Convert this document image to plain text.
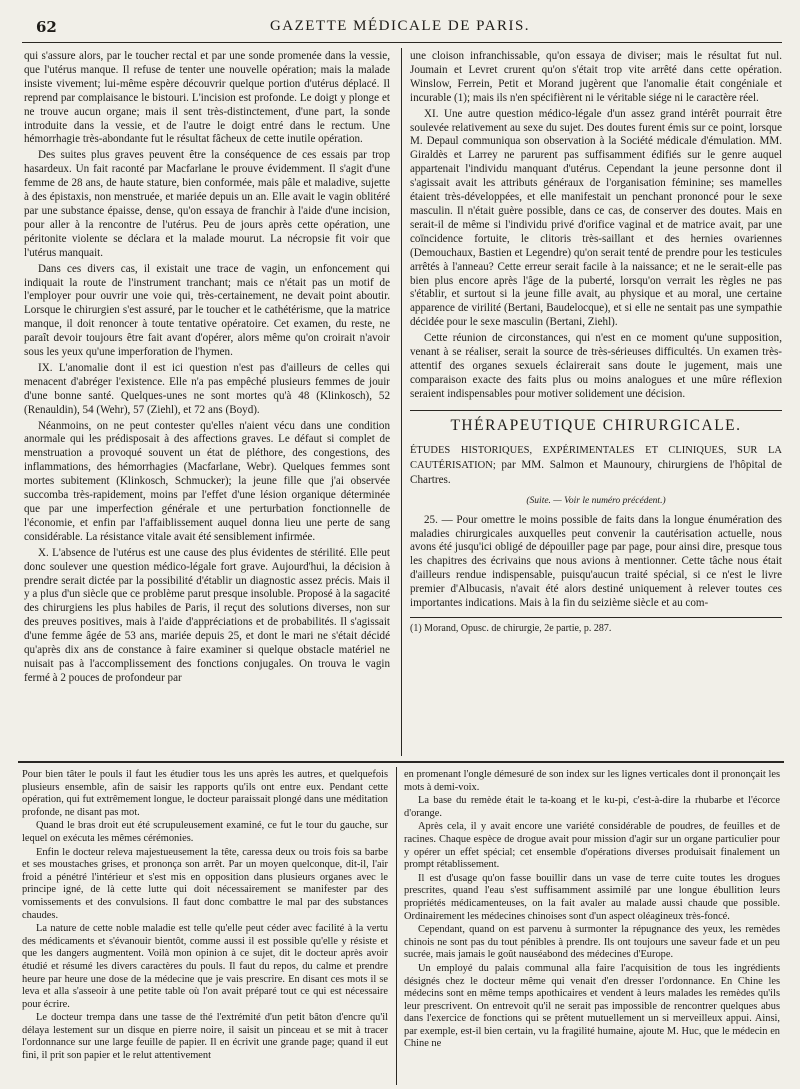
62	GAZETTE MÉDICALE DE PARIS.

qui s'assure alors, par le toucher rectal et par une sonde promenée dans la vessie, que l'utérus manque. Il refuse de tenter une nouvelle opération; mais la malade insiste vivement; lui-même espère découvrir quelque portion d'utérus déplacé. Il reprend par complaisance le bistouri. L'incision est profonde. Le doigt y plonge et ne trouve aucun organe; mais il sent très-distinctement, d'une part, la sonde introduite dans la vessie, et de l'autre le doigt entré dans le rectum. Une hémorrhagie très-abondante fut le résultat fâcheux de cette inutile opération.

Des suites plus graves peuvent être la conséquence de ces essais par trop hasardeux. Un fait raconté par Macfarlane le prouve évidemment. Il s'agit d'une femme de 28 ans, de haute stature, bien conformée, mais pâle et maladive, sujette à des épistaxis, non menstruée, et mariée depuis un an. Elle avait le vagin oblitéré par une substance épaisse, dense, qu'on essaya de franchir à l'aide d'une incision, pour aller à la rencontre de l'utérus. Peu de jours après cette opération, une péritonite violente se déclara et la malade mourut. La nécropsie fit voir que l'utérus manquait.

Dans ces divers cas, il existait une trace de vagin, un enfoncement qui indiquait la route de l'instrument tranchant; mais ce n'était pas un motif de l'employer pour ouvrir une voie qui, très-certainement, ne devait point aboutir. Lorsque le chirurgien s'est assuré, par le toucher et le cathétérisme, que la matrice manque, il doit renoncer à toute tentative opératoire. Cet examen, du reste, ne paraît devoir toujours être fait avant d'opérer, alors même qu'on croirait n'avoir sous les yeux qu'une imperforation de l'hymen.

IX. L'anomalie dont il est ici question n'est pas d'ailleurs de celles qui menacent d'abréger l'existence. Elle n'a pas empêché plusieurs femmes de jouir d'une bonne santé. Quelques-unes ne sont mortes qu'à 48 (Klinkosch), 52 (Renauldin), 54 (Wehr), 57 (Ziehl), et 72 ans (Boyd).

Néanmoins, on ne peut contester qu'elles n'aient vécu dans une condition anormale qui les prédisposait à des affections graves. Le défaut si complet de menstruation a provoqué souvent un état de pléthore, des congestions, des inflammations, des hémorrhagies (Macfarlane, Webr). Quelques femmes sont mortes subitement (Klinkosch, Schmucker); la jeune fille que j'ai observée succomba très-rapidement, moins par l'effet d'une lésion organique déterminée que par une imperfection générale et une perturbation fonctionnelle de l'économie, et enfin par l'affaiblissement auquel donna lieu une perte de sang considérable. La résistance vitale avait été sensiblement infirmée.

X. L'absence de l'utérus est une cause des plus évidentes de stérilité. Elle peut donc soulever une question médico-légale fort grave. Aujourd'hui, la décision à prendre serait dictée par la possibilité d'établir un diagnostic assez précis. Mais il y a plus d'un siècle que ce problème parut presque insoluble. Proposé à la sagacité des chirurgiens les plus habiles de Paris, il reçut des solutions diverses, non sur des preuves positives, mais à l'aide d'appréciations et de probabilités. Il s'agissait d'une femme âgée de 53 ans, mariée depuis 25, et dont le mari ne s'était décidé qu'après dix ans de constance à faire examiner si quelque obstacle matériel ne nuisait pas à l'accomplissement des fonctions conjugales. On trouva le vagin fermé à 2 pouces de profondeur par

une cloison infranchissable, qu'on essaya de diviser; mais le résultat fut nul. Joumain et Levret crurent qu'on s'était trop vite arrêté dans cette opération. Winslow, Ferrein, Petit et Morand jugèrent que l'anomalie était congéniale et incurable (1); mais ils n'en spécifièrent ni le véritable siége ni le caractère réel.

XI. Une autre question médico-légale d'un assez grand intérêt pourrait être soulevée relativement au sexe du sujet. Des doutes furent émis sur ce point, lorsque M. Depaul communiqua son observation à la Société médicale d'émulation. MM. Giraldès et Larrey ne parurent pas suffisamment édifiés sur le genre auquel appartenait l'individu manquant d'utérus. Cependant la jeune personne dont il s'agissait avait les attributs généraux de l'organisation féminine; ses mamelles étaient très-développées, et elle manifestait un penchant prononcé pour le sexe masculin. Il n'était guère possible, dans ce cas, de conserver des doutes. Mais en serait-il de même si l'individu privé d'orifice vaginal et de matrice avait, par une coïncidence fortuite, le clitoris très-saillant et des hernies ovariennes (Demouchaux, Bastien et Legendre) qu'on serait tenté de prendre pour les testicules arrêtés à l'anneau? Cette erreur serait facile à la naissance; et ne le serait-elle pas bien plus encore après l'âge de la puberté, lorsqu'on verrait les règles ne pas s'établir, et surtout si la jeune fille avait, au physique et au moral, une certaine apparence de virilité (Bertani, Baudelocque), et si elle ne sentait pas une sympathie décidée pour le sexe masculin (Bertani, Ziehl).

Cette réunion de circonstances, qui n'est en ce moment qu'une supposition, venant à se réaliser, serait la source de très-sérieuses difficultés. Un examen très-attentif des organes sexuels éclairerait sans doute le jugement, mais une comparaison exacte des faits plus ou moins analogues et une mûre réflexion seraient indispensables pour motiver solidement une décision.

THÉRAPEUTIQUE CHIRURGICALE.
ÉTUDES HISTORIQUES, EXPÉRIMENTALES ET CLINIQUES, SUR LA CAUTÉRISATION; par MM. Salmon et Maunoury, chirurgiens de l'hôpital de Chartres.
(Suite. — Voir le numéro précédent.)

25. — Pour omettre le moins possible de faits dans la longue énumération des maladies chirurgicales auxquelles peut convenir la cautérisation actuelle, nous avons été jusqu'ici obligé de dépouiller page par page, pour ainsi dire, presque tous les chapitres des écrivains que nous avions à mentionner. Cette tâche nous était d'ailleurs rendue indispensable, puisqu'aucun traité spécial, si ce n'est le livre premier d'Albucasis, n'avait été alors destiné uniquement à relever toutes ces importantes indications. Mais à la fin du seizième siècle et au com-

(1) Morand, Opusc. de chirurgie, 2e partie, p. 287.

Pour bien tâter le pouls il faut les étudier tous les uns après les autres, et quelquefois plusieurs ensemble, afin de saisir les rapports qu'ils ont entre eux. Pendant cette opération, qui fut extrêmement longue, le docteur paraissait plongé dans une méditation profonde, ne disant pas mot.

Quand le bras droit eut été scrupuleusement examiné, ce fut le tour du gauche, sur lequel on exécuta les mêmes cérémonies.

Enfin le docteur releva majestueusement la tête, caressa deux ou trois fois sa barbe et ses moustaches grises, et prononça son arrêt. Par un moyen quelconque, dit-il, l'air froid a pénétré l'intérieur et s'est mis en opposition dans plusieurs organes avec le principe igné, de là cette lutte qui doit nécessairement se manifester par des vomissements et des convulsions. Il faut donc combattre le mal par des substances chaudes.

La nature de cette noble maladie est telle qu'elle peut céder avec facilité à la vertu des médicaments et s'évanouir bientôt, comme aussi il est possible qu'elle y résiste et que les dangers augmentent. Voilà mon opinion à ce sujet, dit le docteur après avoir étudié et résumé les divers caractères du pouls. Il faut du repos, du calme et prendre heure par heure une dose de la médecine que je vais prescrire. En disant ces mots il se leva et alla s'asseoir à une petite table où l'on avait préparé tout ce qui est nécessaire pour écrire.

Le docteur trempa dans une tasse de thé l'extrémité d'un petit bâton d'encre qu'il délaya lestement sur un disque en pierre noire, il saisit un pinceau et se mit à tracer l'ordonnance sur une large feuille de papier. Il en écrivit une grande page; quand il eut fini, il prit son papier et le relut attentivement

en promenant l'ongle démesuré de son index sur les lignes verticales dont il prononçait les mots à demi-voix.

La base du remède était le ta-koang et le ku-pi, c'est-à-dire la rhubarbe et l'écorce d'orange.

Après cela, il y avait encore une variété considérable de poudres, de feuilles et de racines. Chaque espèce de drogue avait pour mission d'agir sur un organe particulier pour y opérer un effet spécial; cet ensemble d'opérations diverses produisait finalement un prompt rétablissement.

Il est d'usage qu'on fasse bouillir dans un vase de terre cuite toutes les drogues prescrites, quand l'eau s'est suffisamment assimilé par une longue ébullition leurs propriétés médicamenteuses, on la fait avaler au malade aussi chaude que possible. Ordinairement les médecines chinoises sont d'un aspect oléagineux très-foncé.

Cependant, quand on est parvenu à surmonter la répugnance des yeux, les remèdes chinois ne sont pas du tout pénibles à prendre. Ils ont toujours une saveur fade et un peu sucrée, mais jamais le goût nauséabond des médecines d'Europe.

Un employé du palais communal alla faire l'acquisition de tous les ingrédients désignés chez le docteur même qui venait d'en dresser l'ordonnance. En Chine les médecins sont en même temps apothicaires et vendent à leurs malades les remèdes qu'ils leur prescrivent. On entrevoit qu'il ne serait pas impossible de rencontrer quelques abus dans l'exercice de fonctions qui se prêtent mutuellement un si merveilleux appui. Ainsi, par exemple, est-il bien certain, vu la fragilité humaine, ajoute M. Huc, que le médecin en Chine ne
